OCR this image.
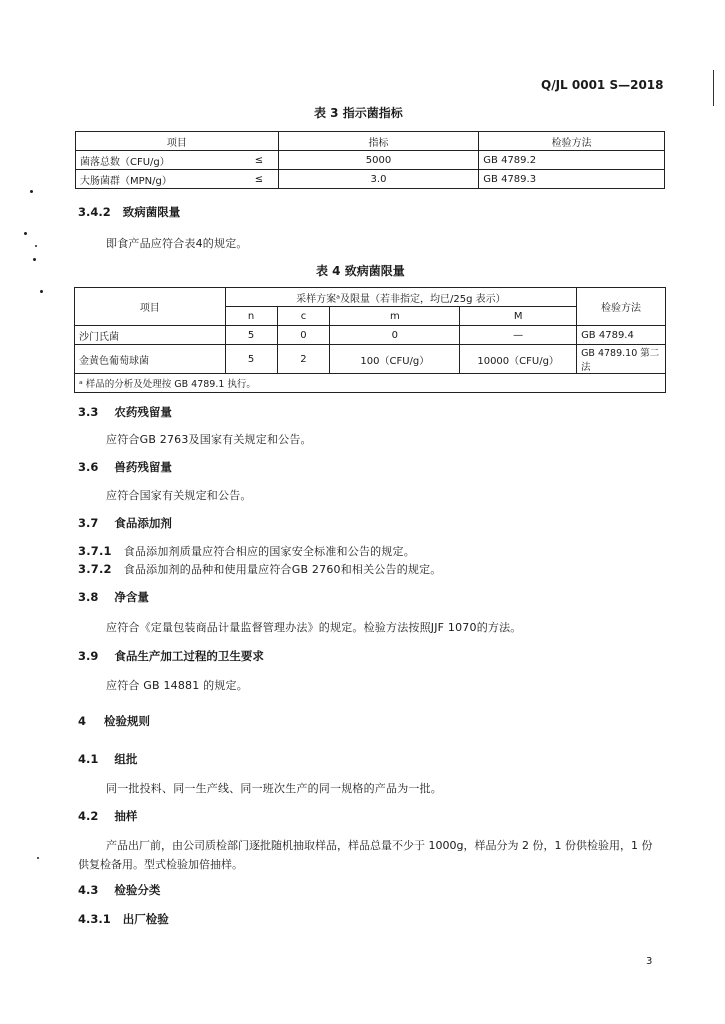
Q/JL 0001 S—2018
表 3 指示菌指标
项目		指标	检验方法
菌落总数（CFU/g）	≤	5000	GB 4789.2
大肠菌群（MPN/g）	≤	3.0	GB 4789.3
3.4.2 致病菌限量
即食产品应符合表4的规定。
表 4 致病菌限量
项目	采样方案ᵃ及限量（若非指定，均已/25g 表示）				检验方法
	n	c	m	M	
沙门氏菌	5	0	0	—	GB 4789.4
金黄色葡萄球菌	5	2	100（CFU/g）	10000（CFU/g）	GB 4789.10 第二法
ᵃ 样品的分析及处理按 GB 4789.1 执行。					
3.3 农药残留量
应符合GB 2763及国家有关规定和公告。
3.6 兽药残留量
应符合国家有关规定和公告。
3.7 食品添加剂
3.7.1 食品添加剂质量应符合相应的国家安全标准和公告的规定。
3.7.2 食品添加剂的品种和使用量应符合GB 2760和相关公告的规定。
3.8 净含量
应符合《定量包装商品计量监督管理办法》的规定。检验方法按照JJF 1070的方法。
3.9 食品生产加工过程的卫生要求
应符合 GB 14881 的规定。
4 检验规则
4.1 组批
同一批投料、同一生产线、同一班次生产的同一规格的产品为一批。
4.2 抽样
产品出厂前，由公司质检部门逐批随机抽取样品，样品总量不少于 1000g，样品分为 2 份，1 份供检验用，1 份供复检备用。型式检验加倍抽样。
4.3 检验分类
4.3.1 出厂检验
3
